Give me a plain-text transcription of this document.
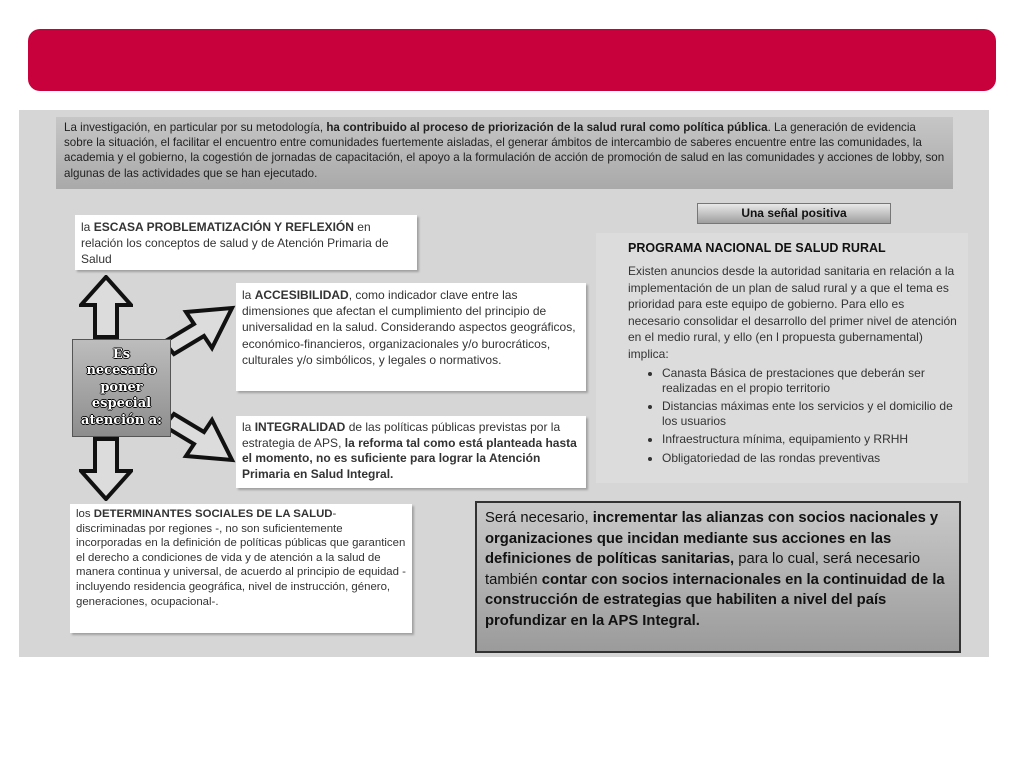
La investigación, en particular por su metodología, ha contribuido al proceso de priorización de la salud rural como política pública. La generación de evidencia sobre la situación, el facilitar el encuentro entre comunidades fuertemente aisladas, el generar ámbitos de intercambio de saberes encuentre entre las comunidades, la academia y el gobierno, la cogestión de jornadas de capacitación, el apoyo a la formulación de acción de promoción de salud en las comunidades y acciones de lobby, son algunas de las actividades que se han ejecutado.
la ESCASA PROBLEMATIZACIÓN Y REFLEXIÓN en relación los conceptos de salud y de Atención Primaria de Salud
la ACCESIBILIDAD, como indicador clave entre las dimensiones que afectan el cumplimiento del principio de universalidad en la salud. Considerando aspectos geográficos, económico-financieros, organizacionales y/o burocráticos, culturales y/o simbólicos, y legales o normativos.
la INTEGRALIDAD de las políticas públicas previstas por la estrategia de APS, la reforma tal como está planteada hasta el momento, no es suficiente para lograr la Atención Primaria en Salud Integral.
los DETERMINANTES SOCIALES DE LA SALUD- discriminadas por regiones -, no son suficientemente incorporadas en la definición de políticas públicas que garanticen el derecho a condiciones de vida y de atención a la salud de manera continua y universal, de acuerdo al principio de equidad - incluyendo residencia geográfica, nivel de instrucción, género, generaciones, ocupacional-.
Es necesario poner especial atención a:
Una señal positiva
PROGRAMA NACIONAL DE SALUD RURAL

Existen anuncios desde la autoridad sanitaria en relación a la implementación de un plan de salud rural y a que el tema es prioridad para este equipo de gobierno. Para ello es necesario consolidar el desarrollo del primer nivel de atención en el medio rural, y ello (en l propuesta gubernamental) implica:

• Canasta Básica de prestaciones que deberán ser realizadas en el propio territorio
• Distancias máximas ente los servicios y el domicilio de los usuarios
• Infraestructura mínima, equipamiento y RRHH
• Obligatoriedad de las rondas preventivas
Será necesario, incrementar las alianzas con socios nacionales y organizaciones que incidan mediante sus acciones en las definiciones de políticas sanitarias, para lo cual, será necesario también contar con socios internacionales en la continuidad de la construcción de estrategias que habiliten a nivel del país profundizar en la APS Integral.
